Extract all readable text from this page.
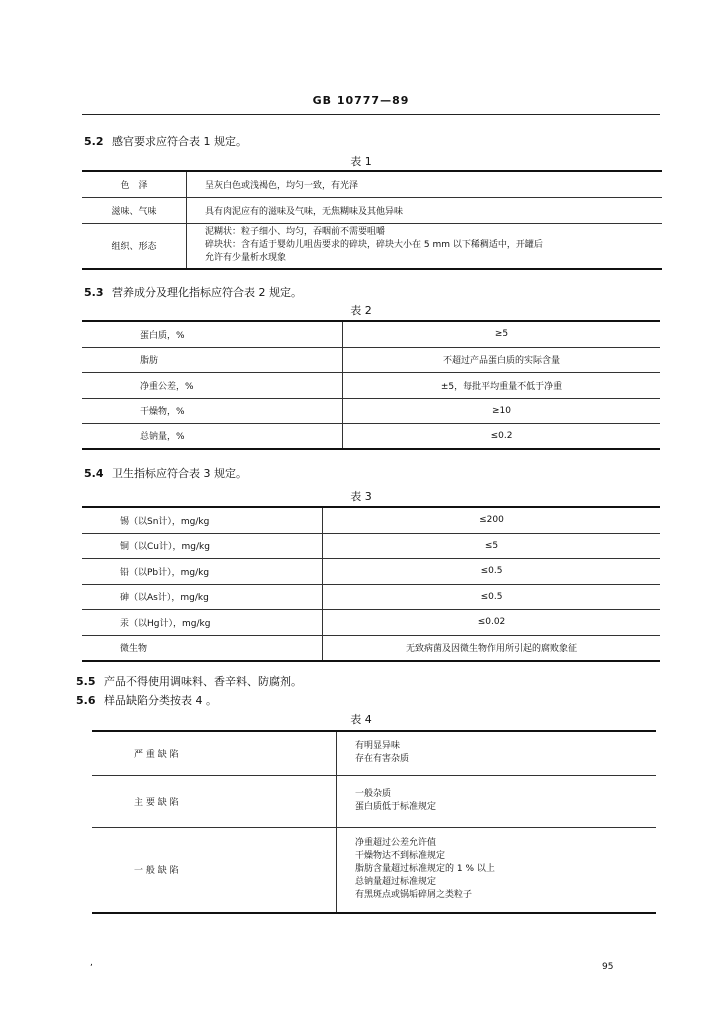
GB 10777—89
5.2 感官要求应符合表 1 规定。
表 1
色　泽	呈灰白色或浅褐色，均匀一致，有光泽
滋味、气味	具有肉泥应有的滋味及气味，无焦糊味及其他异味
组织、形态	泥糊状：粒子细小、均匀，吞咽前不需要咀嚼
碎块状：含有适于婴幼儿咀齿要求的碎块，碎块大小在 5 mm 以下稀稠适中，开罐后
允许有少量析水现象
5.3 营养成分及理化指标应符合表 2 规定。
表 2
蛋白质，%	≥5
脂肪	不超过产品蛋白质的实际含量
净重公差，%	±5，每批平均重量不低于净重
干燥物，%	≥10
总钠量，%	≤0.2
5.4 卫生指标应符合表 3 规定。
表 3
锡（以Sn计），mg/kg	≤200
铜（以Cu计），mg/kg	≤5
铅（以Pb计），mg/kg	≤0.5
砷（以As计），mg/kg	≤0.5
汞（以Hg计），mg/kg	≤0.02
微生物	无致病菌及因微生物作用所引起的腐败象征
5.5 产品不得使用调味料、香辛料、防腐剂。
5.6 样品缺陷分类按表 4 。
表 4
严 重 缺 陷	有明显异味
存在有害杂质

主 要 缺 陷	一般杂质
蛋白质低于标准规定

一 般 缺 陷	净重超过公差允许值
干燥物达不到标准规定
脂肪含量超过标准规定的 1 % 以上
总钠量超过标准规定
有黑斑点或锅垢碎屑之类粒子
,	95
